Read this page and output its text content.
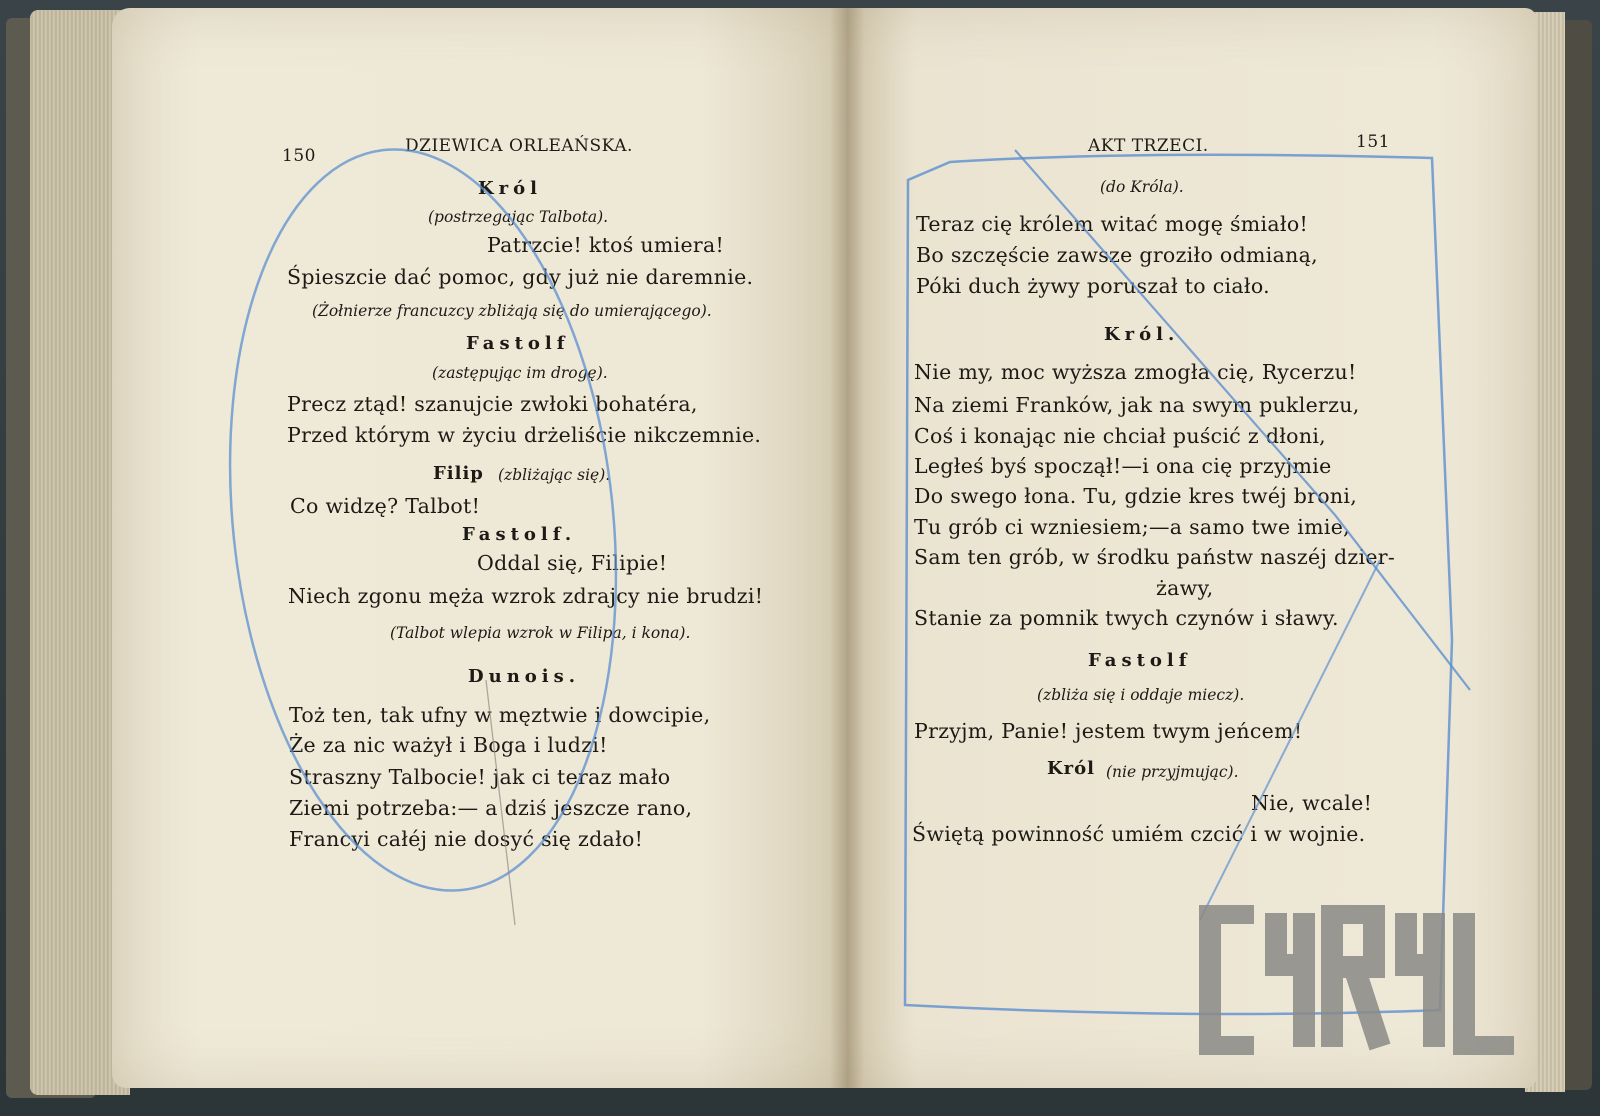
150	DZIEWICA ORLEAŃSKA.
Król
(postrzegając Talbota).
Patrzcie! ktoś umiera!
Śpieszcie dać pomoc, gdy już nie daremnie.
(Żołnierze francuzcy zbliżają się do umierającego).
Fastolf
(zastępując im drogę).
Precz ztąd! szanujcie zwłoki bohatéra,
Przed którym w życiu drżeliście nikczemnie.
Filip (zbliżając się).
Co widzę? Talbot!
Fastolf.
Oddal się, Filipie!
Niech zgonu męża wzrok zdrajcy nie brudzi!
(Talbot wlepia wzrok w Filipa, i kona).
Dunois.
Toż ten, tak ufny w męztwie i dowcipie,
Że za nic ważył i Boga i ludzi!
Straszny Talbocie! jak ci teraz mało
Ziemi potrzeba:— a dziś jeszcze rano,
Francyi całéj nie dosyć się zdało!
AKT TRZECI.	151
(do Króla).
Teraz cię królem witać mogę śmiało!
Bo szczęście zawsze groziło odmianą,
Póki duch żywy poruszał to ciało.
Król.
Nie my, moc wyższa zmogła cię, Rycerzu!
Na ziemi Franków, jak na swym puklerzu,
Coś i konając nie chciał puścić z dłoni,
Ległeś byś spoczął!—i ona cię przyjmie
Do swego łona. Tu, gdzie kres twéj broni,
Tu grób ci wzniesiem;—a samo twe imie,
Sam ten grób, w środku państw naszéj dzier-
żawy,
Stanie za pomnik twych czynów i sławy.
Fastolf
(zbliża się i oddaje miecz).
Przyjm, Panie! jestem twym jeńcem!
Król (nie przyjmując).
Nie, wcale!
Świętą powinność umiém czcić i w wojnie.
